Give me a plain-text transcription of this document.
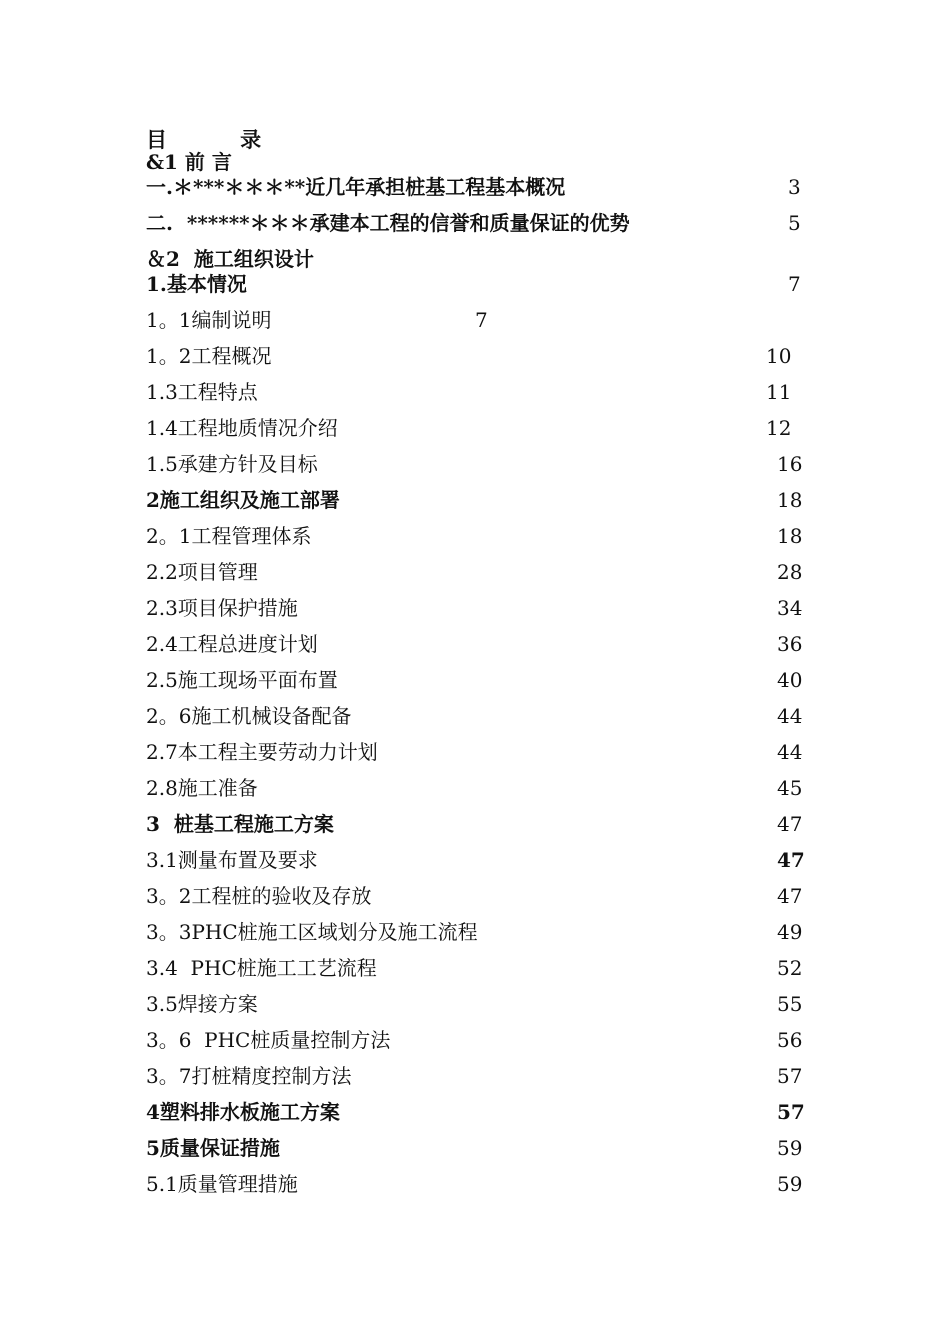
目          录
&1 前 言
一.＊***＊＊＊**近几年承担桩基工程基本概况	3
二.  ******＊＊＊承建本工程的信誉和质量保证的优势	5
＆2  施工组织设计
1.基本情况	7
1。1编制说明	7
1。2工程概况	10
1.3工程特点	11
1.4工程地质情况介绍	12
1.5承建方针及目标	16
2施工组织及施工部署	18
2。1工程管理体系	18
2.2项目管理	28
2.3项目保护措施	34
2.4工程总进度计划	36
2.5施工现场平面布置	40
2。6施工机械设备配备	44
2.7本工程主要劳动力计划	44
2.8施工准备	45
3  桩基工程施工方案	47
3.1测量布置及要求	47
3。2工程桩的验收及存放	47
3。3PHC桩施工区域划分及施工流程	49
3.4  PHC桩施工工艺流程	52
3.5焊接方案	55
3。6  PHC桩质量控制方法	56
3。7打桩精度控制方法	57
4塑料排水板施工方案	57
5质量保证措施	59
5.1质量管理措施	59
